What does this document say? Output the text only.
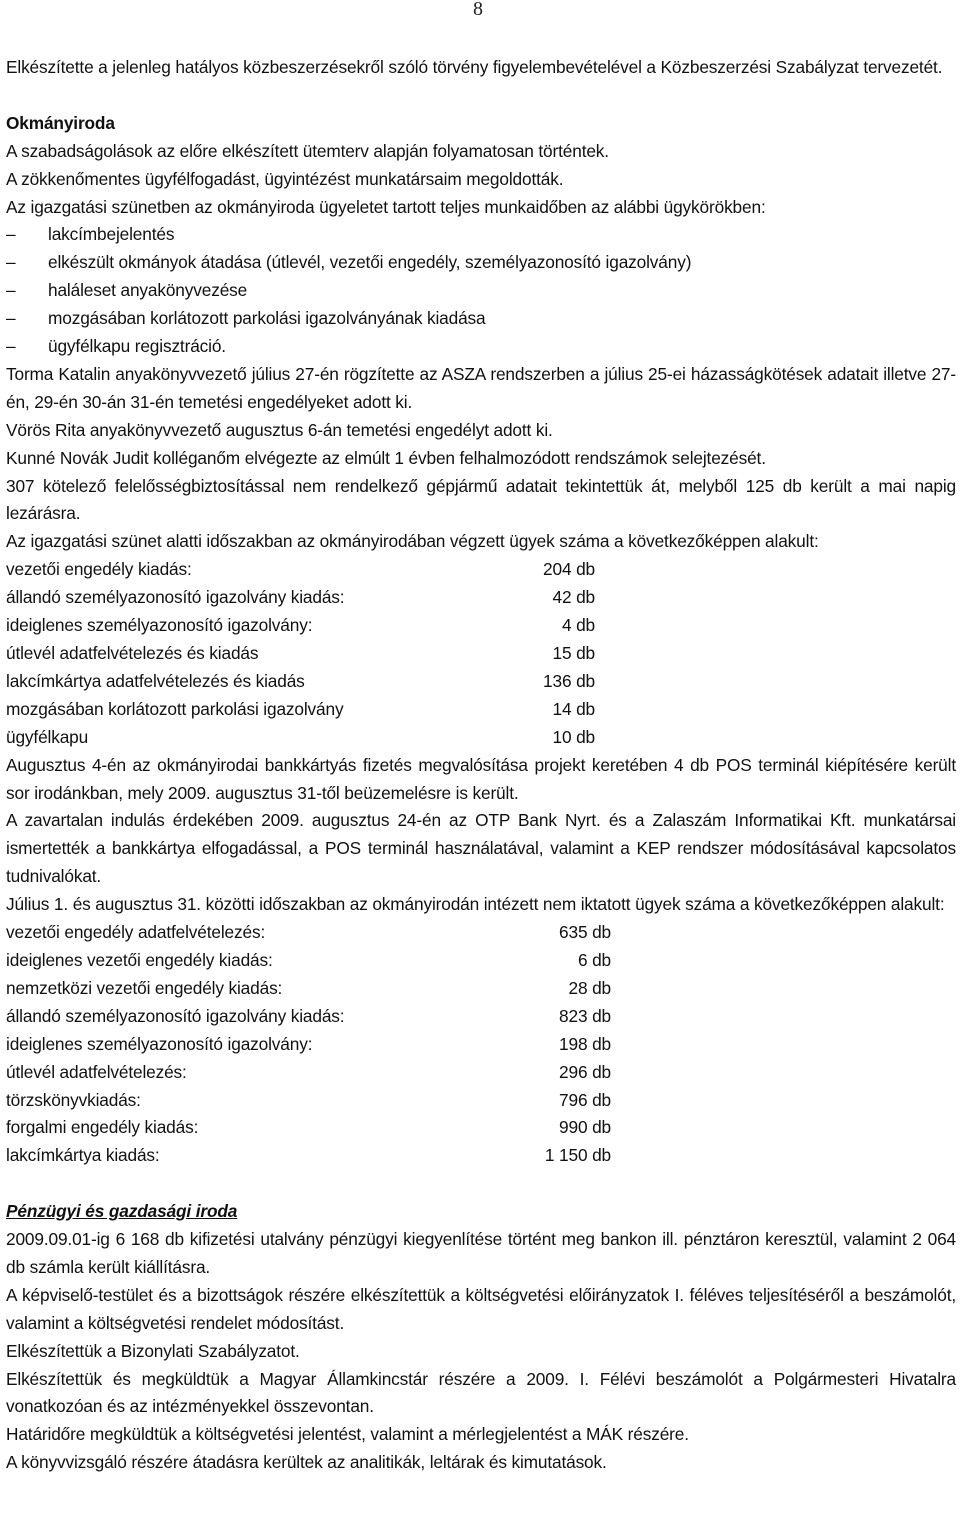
8

Elkészítette a jelenleg hatályos közbeszerzésekről szóló törvény figyelembevételével a Közbeszerzési Szabályzat tervezetét.

Okmányiroda

A szabadságolások az előre elkészített ütemterv alapján folyamatosan történtek.

A zökkenőmentes ügyfélfogadást, ügyintézést munkatársaim megoldották.

Az igazgatási szünetben az okmányiroda ügyeletet tartott teljes munkaidőben az alábbi ügykörökben:

–	lakcímbejelentés
–	elkészült okmányok átadása (útlevél, vezetői engedély, személyazonosító igazolvány)
–	haláleset anyakönyvezése
–	mozgásában korlátozott parkolási igazolványának kiadása
–	ügyfélkapu regisztráció.

Torma Katalin anyakönyvvezető július 27-én rögzítette az ASZA rendszerben a július 25-ei házasságkötések adatait illetve 27-én, 29-én 30-án 31-én temetési engedélyeket adott ki.

Vörös Rita anyakönyvvezető augusztus 6-án temetési engedélyt adott ki.

Kunné Novák Judit kolléganőm elvégezte az elmúlt 1 évben felhalmozódott rendszámok selejtezését.

307 kötelező felelősségbiztosítással nem rendelkező gépjármű adatait tekintettük át, melyből 125 db került a mai napig lezárásra.

Az igazgatási szünet alatti időszakban az okmányirodában végzett ügyek száma a következőképpen alakult:

vezetői engedély kiadás:	204 db
állandó személyazonosító igazolvány kiadás:	42 db
ideiglenes személyazonosító igazolvány:	4 db
útlevél adatfelvételezés és kiadás	15 db
lakcímkártya adatfelvételezés és kiadás	136 db
mozgásában korlátozott parkolási igazolvány	14 db
ügyfélkapu	10 db

Augusztus 4-én az okmányirodai bankkártyás fizetés megvalósítása projekt keretében 4 db POS terminál kiépítésére került sor irodánkban, mely 2009. augusztus 31-től beüzemelésre is került.

A zavartalan indulás érdekében 2009. augusztus 24-én az OTP Bank Nyrt. és a Zalaszám Informatikai Kft. munkatársai ismertették a bankkártya elfogadással, a POS terminál használatával, valamint a KEP rendszer módosításával kapcsolatos tudnivalókat.

Július 1. és augusztus 31. közötti időszakban az okmányirodán intézett nem iktatott ügyek száma a következőképpen alakult:

vezetői engedély adatfelvételezés:	635 db
ideiglenes vezetői engedély kiadás:	6 db
nemzetközi vezetői engedély kiadás:	28 db
állandó személyazonosító igazolvány kiadás:	823 db
ideiglenes személyazonosító igazolvány:	198 db
útlevél adatfelvételezés:	296 db
törzskönyvkiadás:	796 db
forgalmi engedély kiadás:	990 db
lakcímkártya kiadás:	1 150 db
Pénzügyi és gazdasági iroda

2009.09.01-ig 6 168 db kifizetési utalvány pénzügyi kiegyenlítése történt meg bankon ill. pénztáron keresztül, valamint 2 064 db számla került kiállításra.

A képviselő-testület és a bizottságok részére elkészítettük a költségvetési előirányzatok I. féléves teljesítéséről a beszámolót, valamint a költségvetési rendelet módosítást.

Elkészítettük a Bizonylati Szabályzatot.

Elkészítettük és megküldtük a Magyar Államkincstár részére a 2009. I. Félévi beszámolót a Polgármesteri Hivatalra vonatkozóan és az intézményekkel összevontan.

Határidőre megküldtük a költségvetési jelentést, valamint a mérlegjelentést a MÁK részére.

A könyvvizsgáló részére átadásra kerültek az analitikák, leltárak és kimutatások.
